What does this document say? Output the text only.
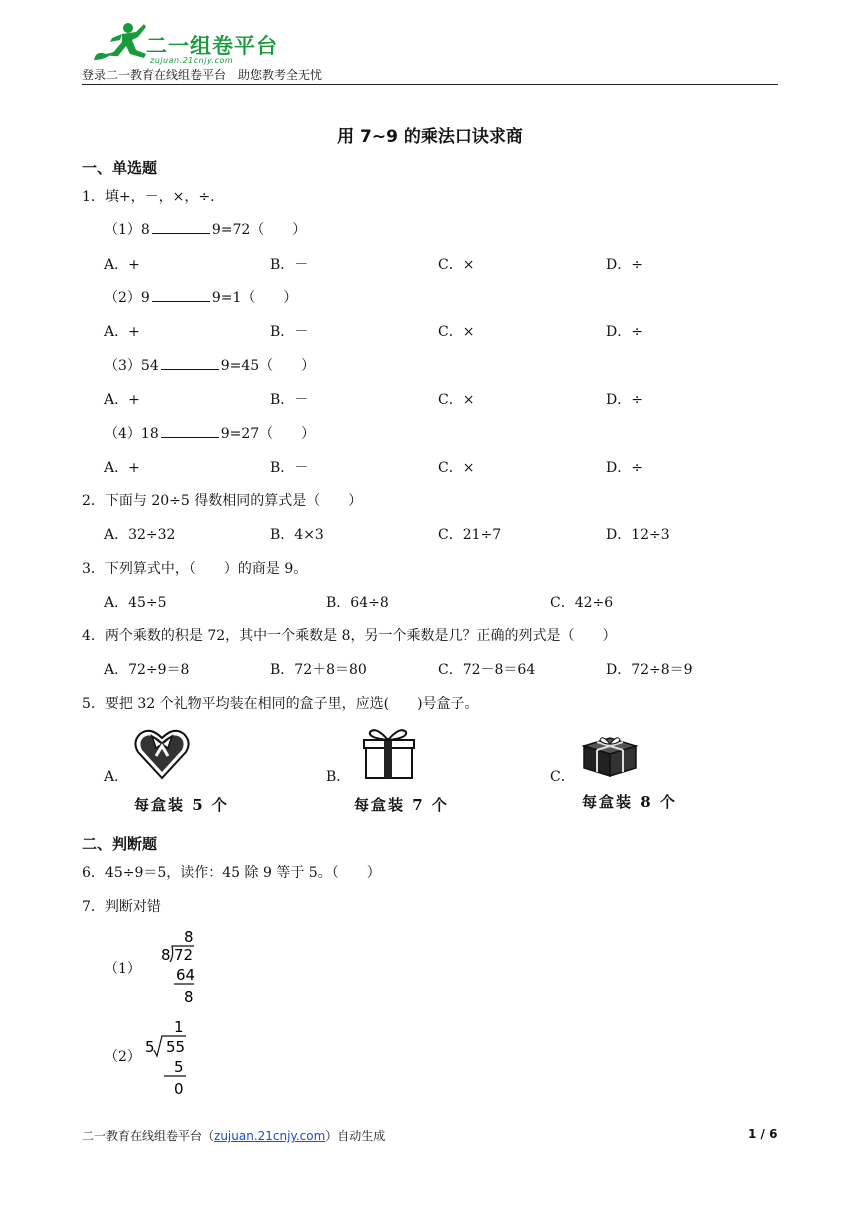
二一组卷平台
zujuan.21cnjy.com
登录二一教育在线组卷平台　助您教考全无忧
用 7~9 的乘法口诀求商
一、单选题
1．填+，－，×，÷.
（1）8	9=72（　　）
A．+	B．－	C．×	D．÷
（2）9	9=1（　　）
A．+	B．－	C．×	D．÷
（3）54	9=45（　　）
A．+	B．－	C．×	D．÷
（4）18	9=27（　　）
A．+	B．－	C．×	D．÷
2．下面与 20÷5 得数相同的算式是（　　）
A．32÷32	B．4×3	C．21÷7	D．12÷3
3．下列算式中，（　　）的商是 9。
A．45÷5	B．64÷8	C．42÷6
4．两个乘数的积是 72，其中一个乘数是 8，另一个乘数是几？正确的列式是（　　）
A．72÷9＝8	B．72＋8＝80	C．72－8＝64	D．72÷8＝9
5．要把 32 个礼物平均装在相同的盒子里，应选(　　)号盒子。
A．
每盒装 5 个
B．
每盒装 7 个
C．
每盒装 8 个
二、判断题
6．45÷9＝5，读作：45 除 9 等于 5。（　　）
7．判断对错
（1）
8
8 72
64
8
（2）
1
5 55
5
0
二一教育在线组卷平台（zujuan.21cnjy.com）自动生成	1 / 6
